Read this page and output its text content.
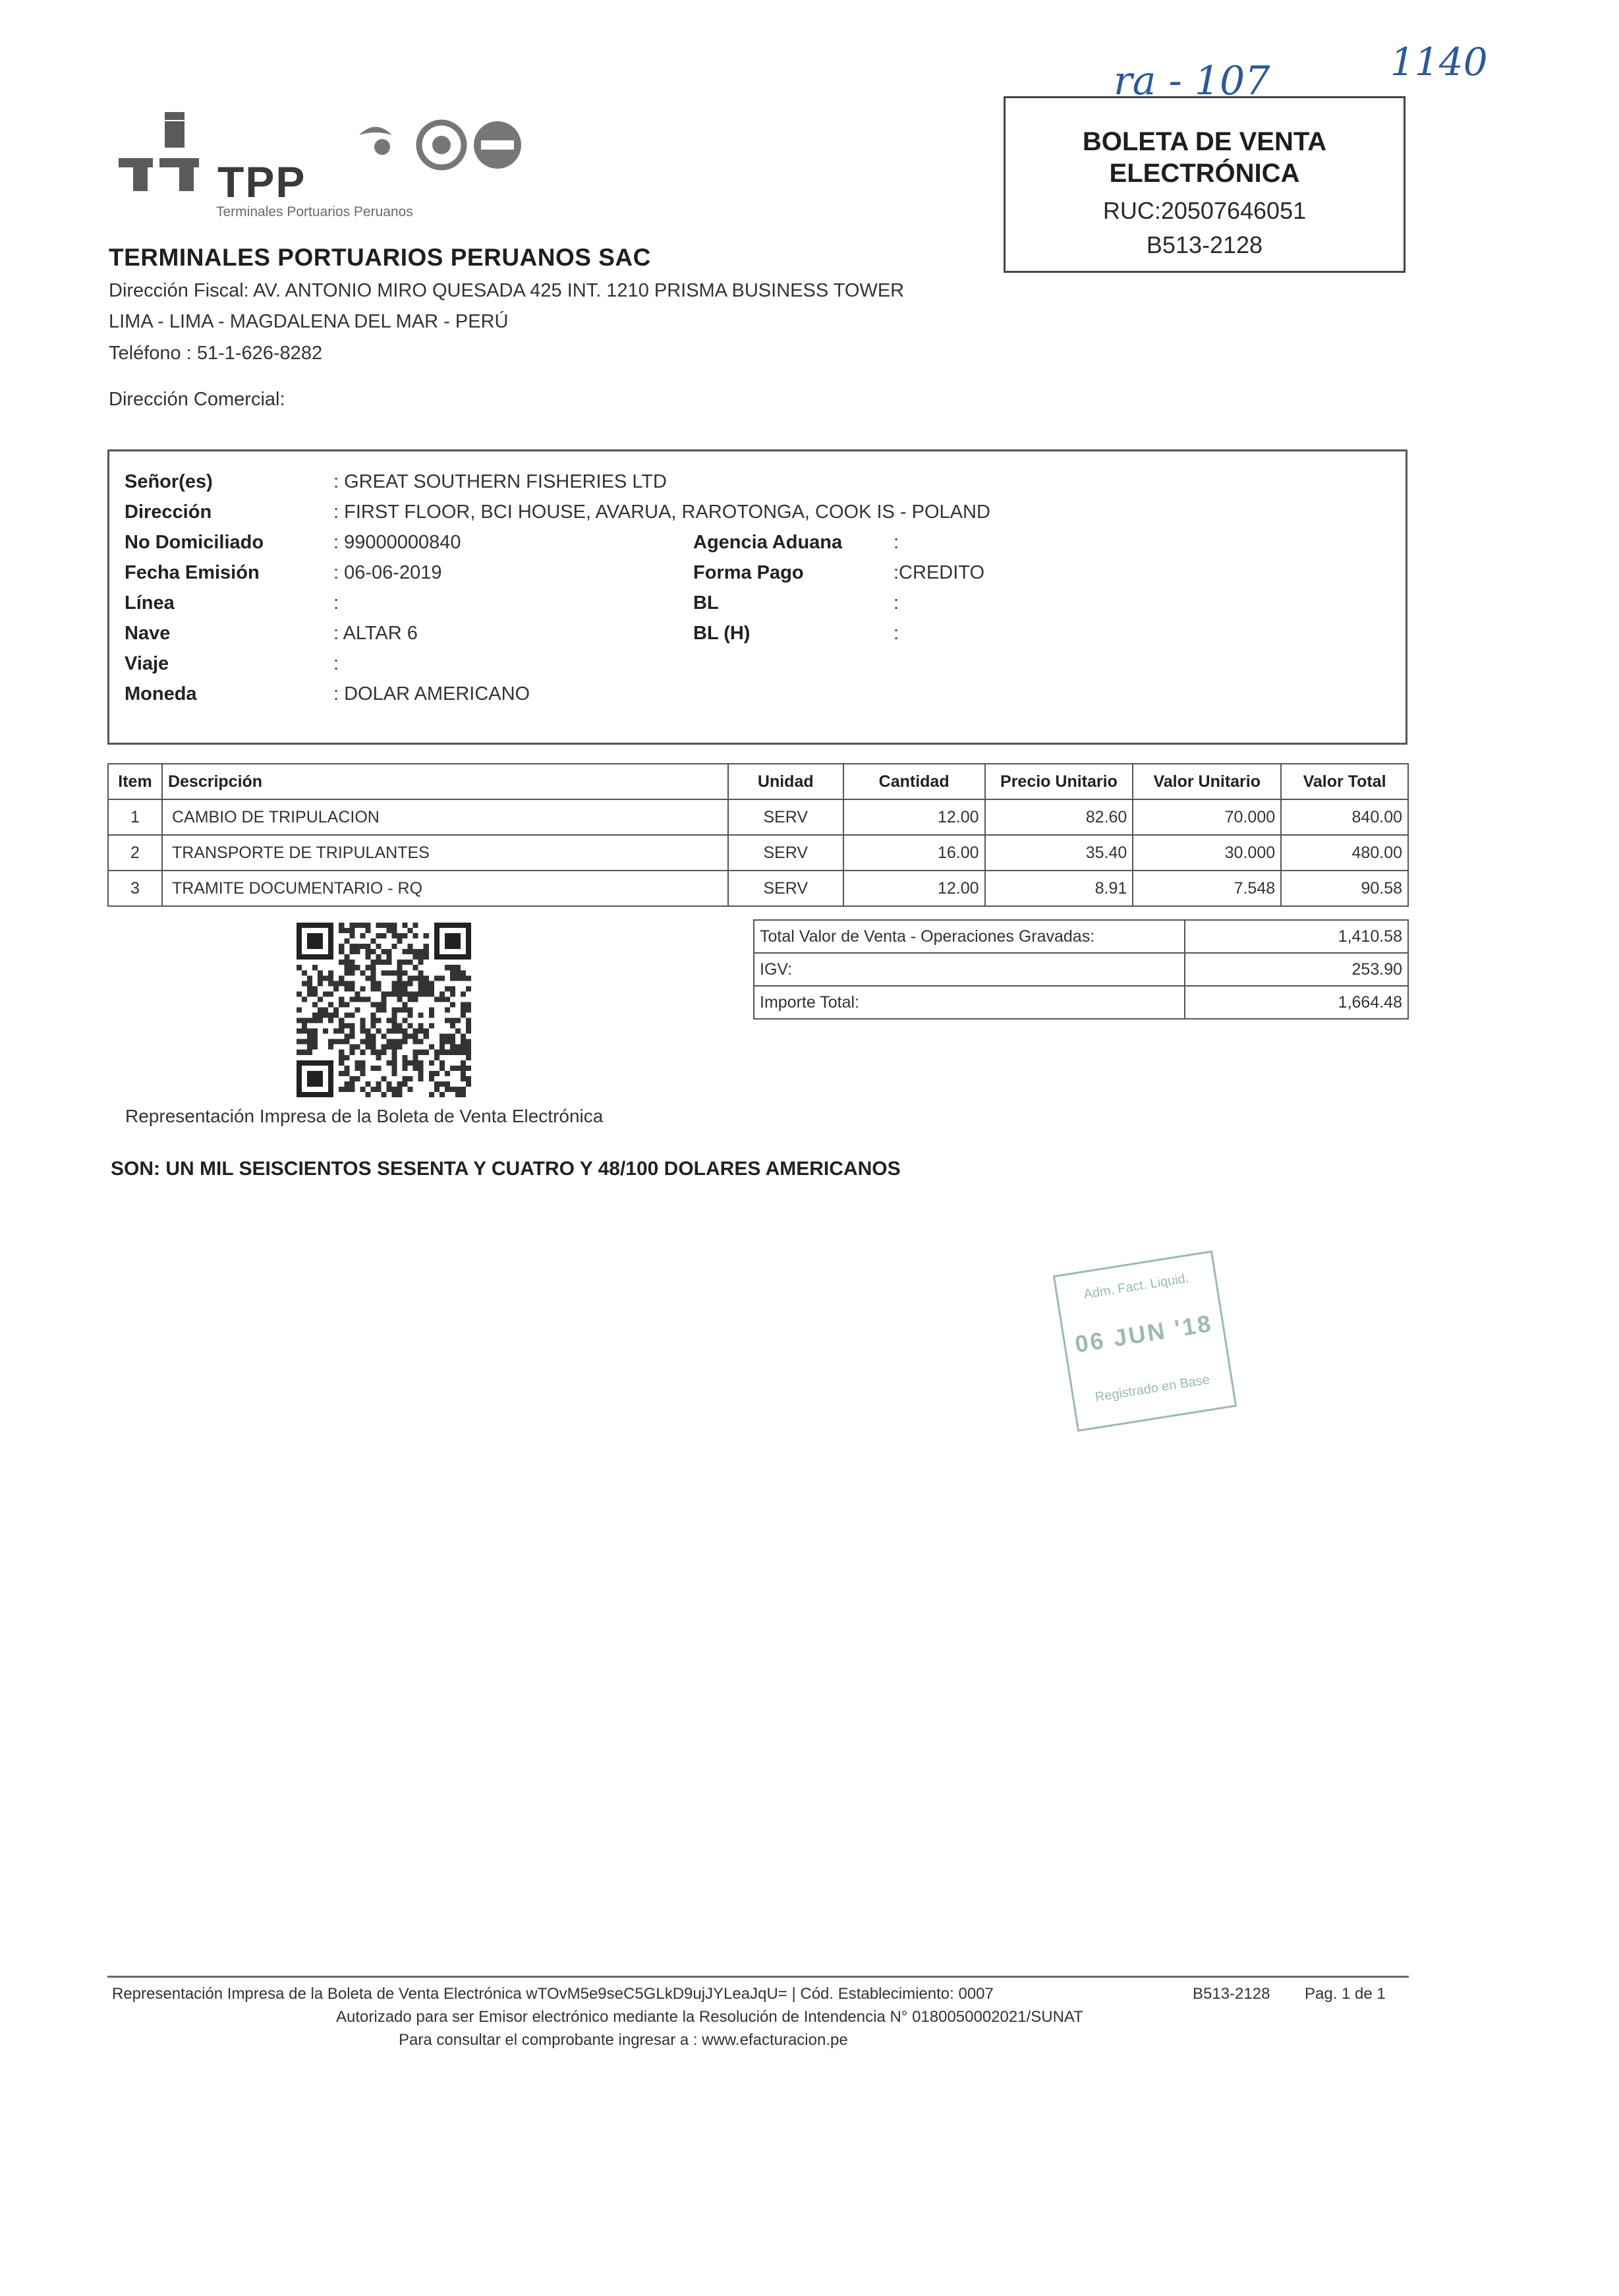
TPP
Terminales Portuarios Peruanos
TERMINALES PORTUARIOS PERUANOS SAC
Dirección Fiscal: AV. ANTONIO MIRO QUESADA 425 INT. 1210 PRISMA BUSINESS TOWER
LIMA - LIMA - MAGDALENA DEL MAR - PERÚ
Teléfono : 51-1-626-8282
Dirección Comercial:
ra - 107	1140
BOLETA DE VENTA
ELECTRÓNICA
RUC:20507646051
B513-2128
Señor(es)	: GREAT SOUTHERN FISHERIES LTD
Dirección	: FIRST FLOOR, BCI HOUSE, AVARUA, RAROTONGA, COOK IS - POLAND
No Domiciliado	: 99000000840	Agencia Aduana	:
Fecha Emisión	: 06-06-2019	Forma Pago	:CREDITO
Línea	:	BL	:
Nave	: ALTAR 6	BL (H)	:
Viaje	:
Moneda	: DOLAR AMERICANO
Item	Descripción	Unidad	Cantidad	Precio Unitario	Valor Unitario	Valor Total
1	CAMBIO DE TRIPULACION	SERV	12.00	82.60	70.000	840.00
2	TRANSPORTE DE TRIPULANTES	SERV	16.00	35.40	30.000	480.00
3	TRAMITE DOCUMENTARIO - RQ	SERV	12.00	8.91	7.548	90.58
Total Valor de Venta - Operaciones Gravadas:	1,410.58
IGV:	253.90
Importe Total:	1,664.48
Representación Impresa de la Boleta de Venta Electrónica
SON: UN MIL SEISCIENTOS SESENTA Y CUATRO Y 48/100 DOLARES AMERICANOS
Adm. Fact. Liquid.
06 JUN '18
Registrado en Base
Representación Impresa de la Boleta de Venta Electrónica wTOvM5e9seC5GLkD9ujJYLeaJqU= | Cód. Establecimiento: 0007	B513-2128 Pag. 1 de 1
Autorizado para ser Emisor electrónico mediante la Resolución de Intendencia N° 0180050002021/SUNAT
Para consultar el comprobante ingresar a : www.efacturacion.pe
